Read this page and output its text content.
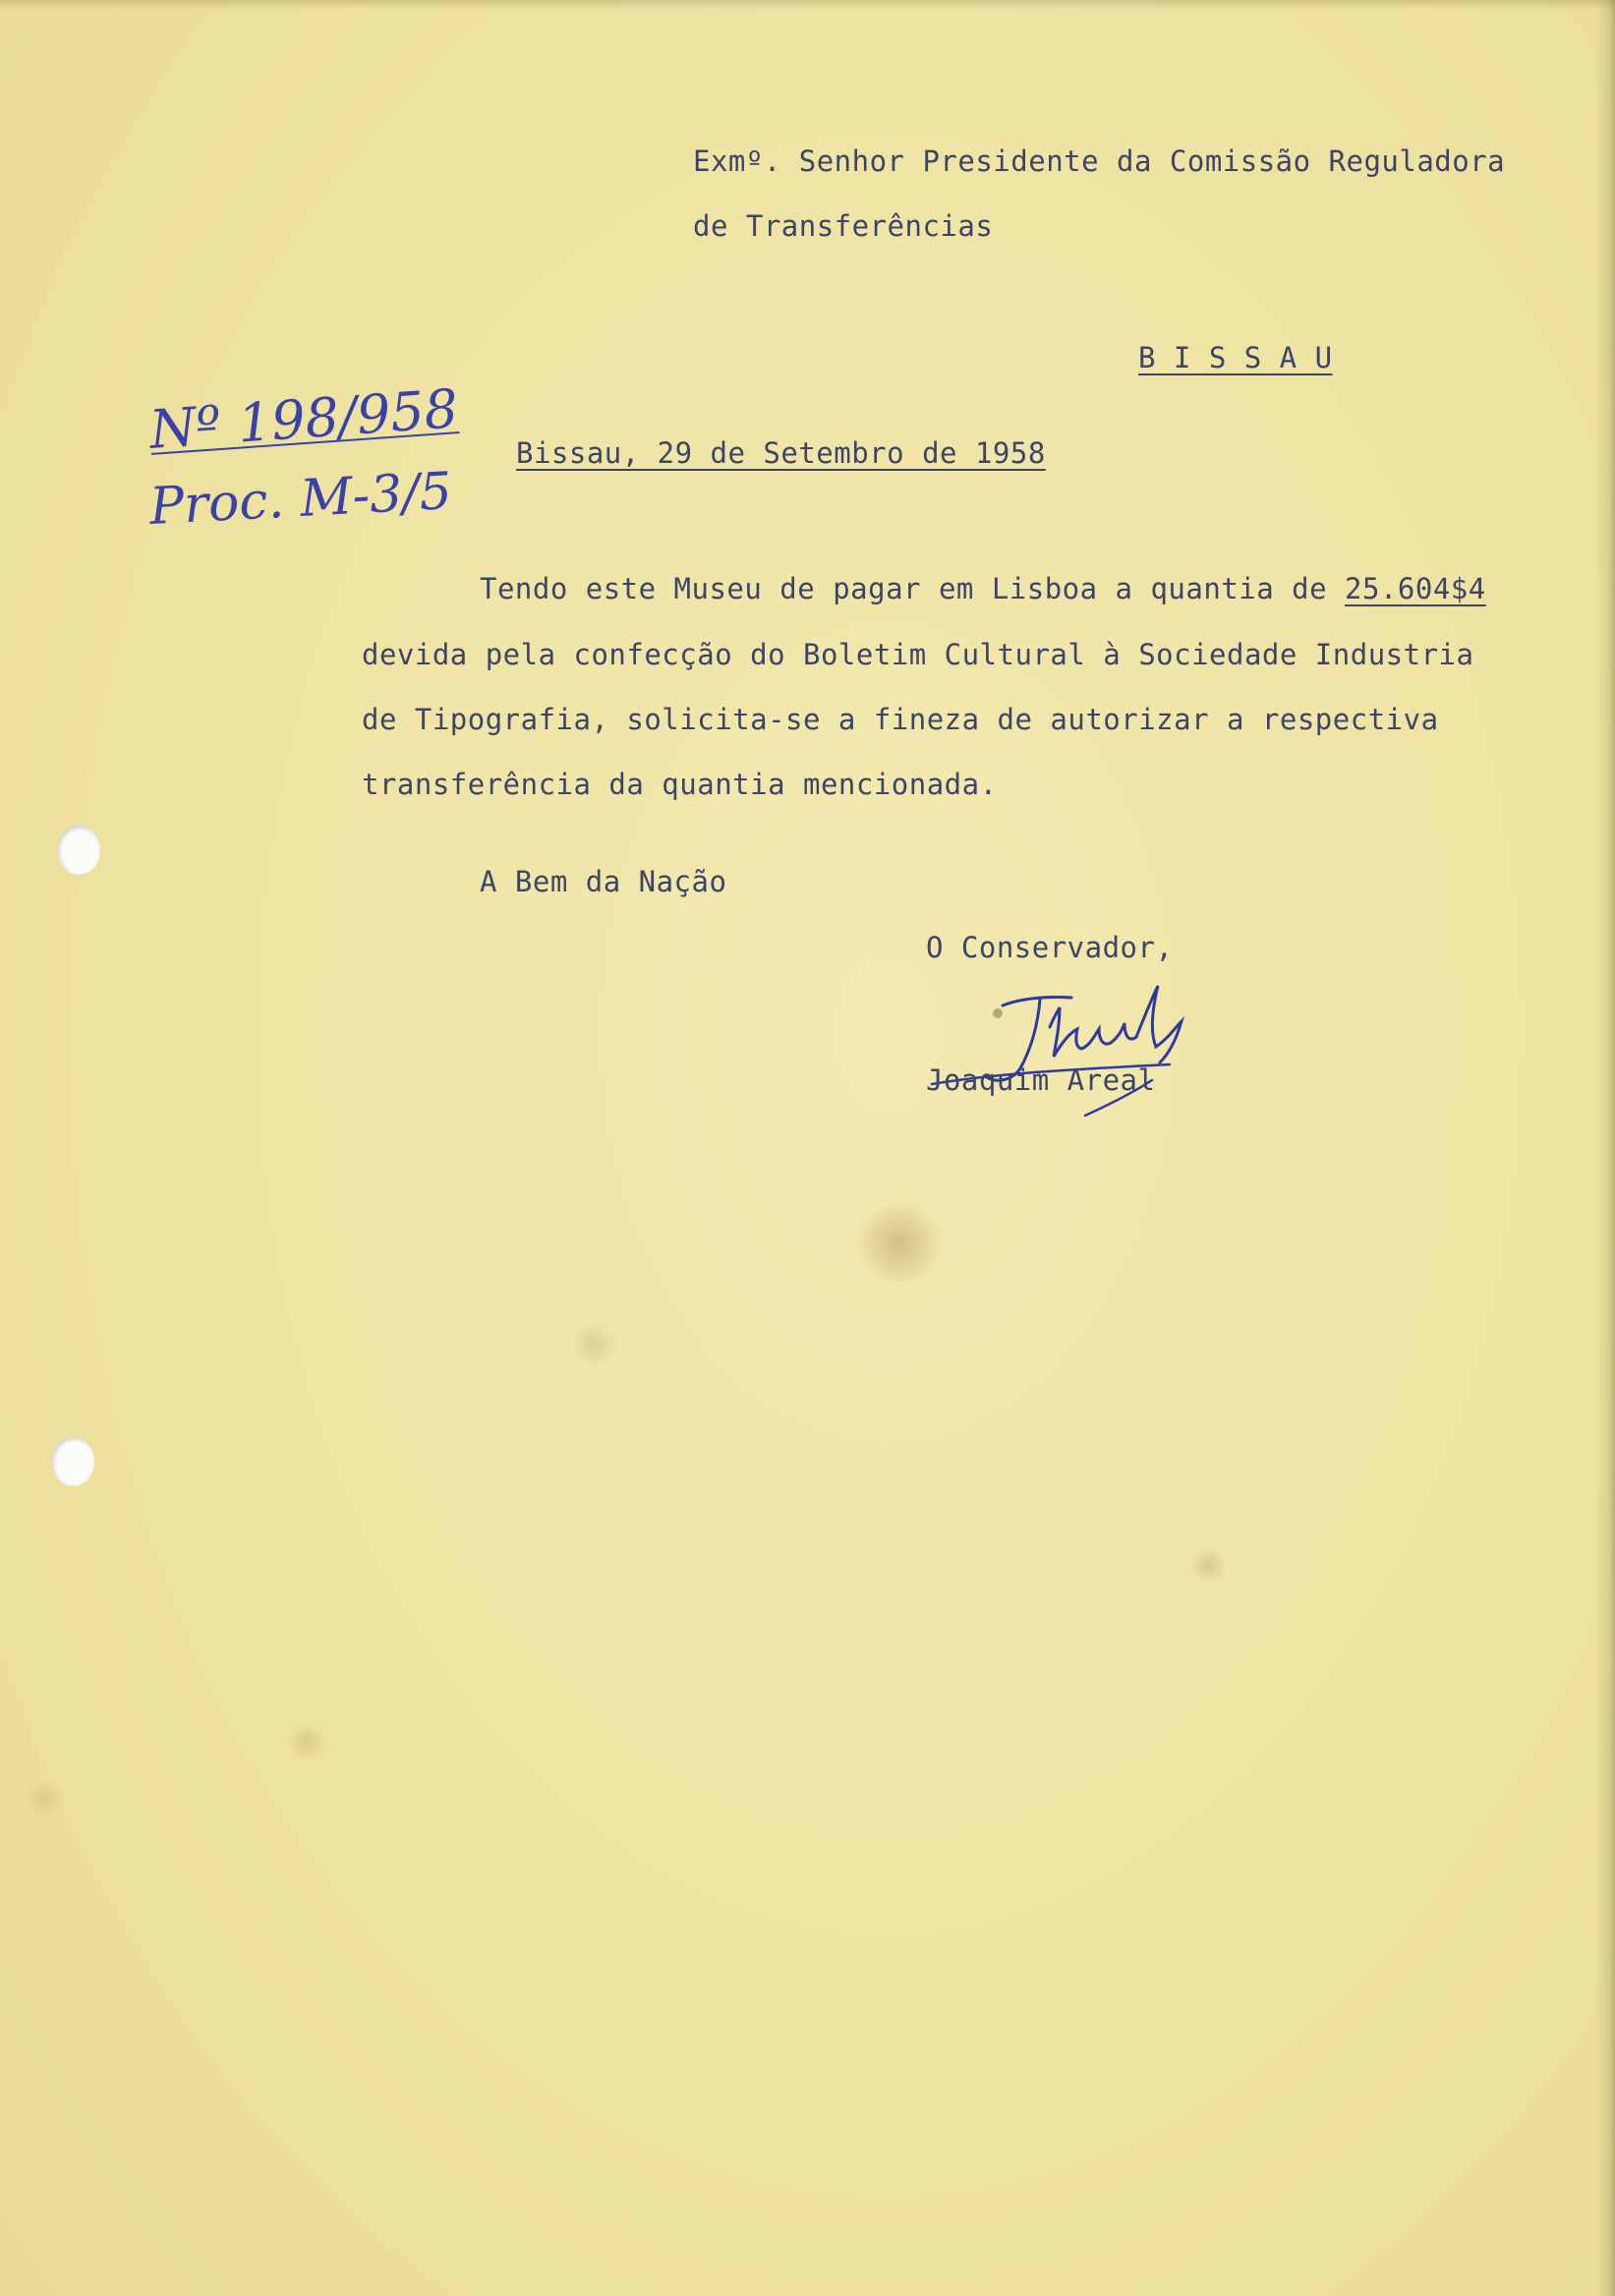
Exmº. Senhor Presidente da Comissão Reguladora
de Transferências
B I S S A U
Nº 198/958
Proc. M-3/5
Bissau, 29 de Setembro de 1958
Tendo este Museu de pagar em Lisboa a quantia de 25.604$4
devida pela confecção do Boletim Cultural à Sociedade Industria
de Tipografia, solicita-se a fineza de autorizar a respectiva
transferência da quantia mencionada.
A Bem da Nação
O Conservador,
Joaquim Areal
